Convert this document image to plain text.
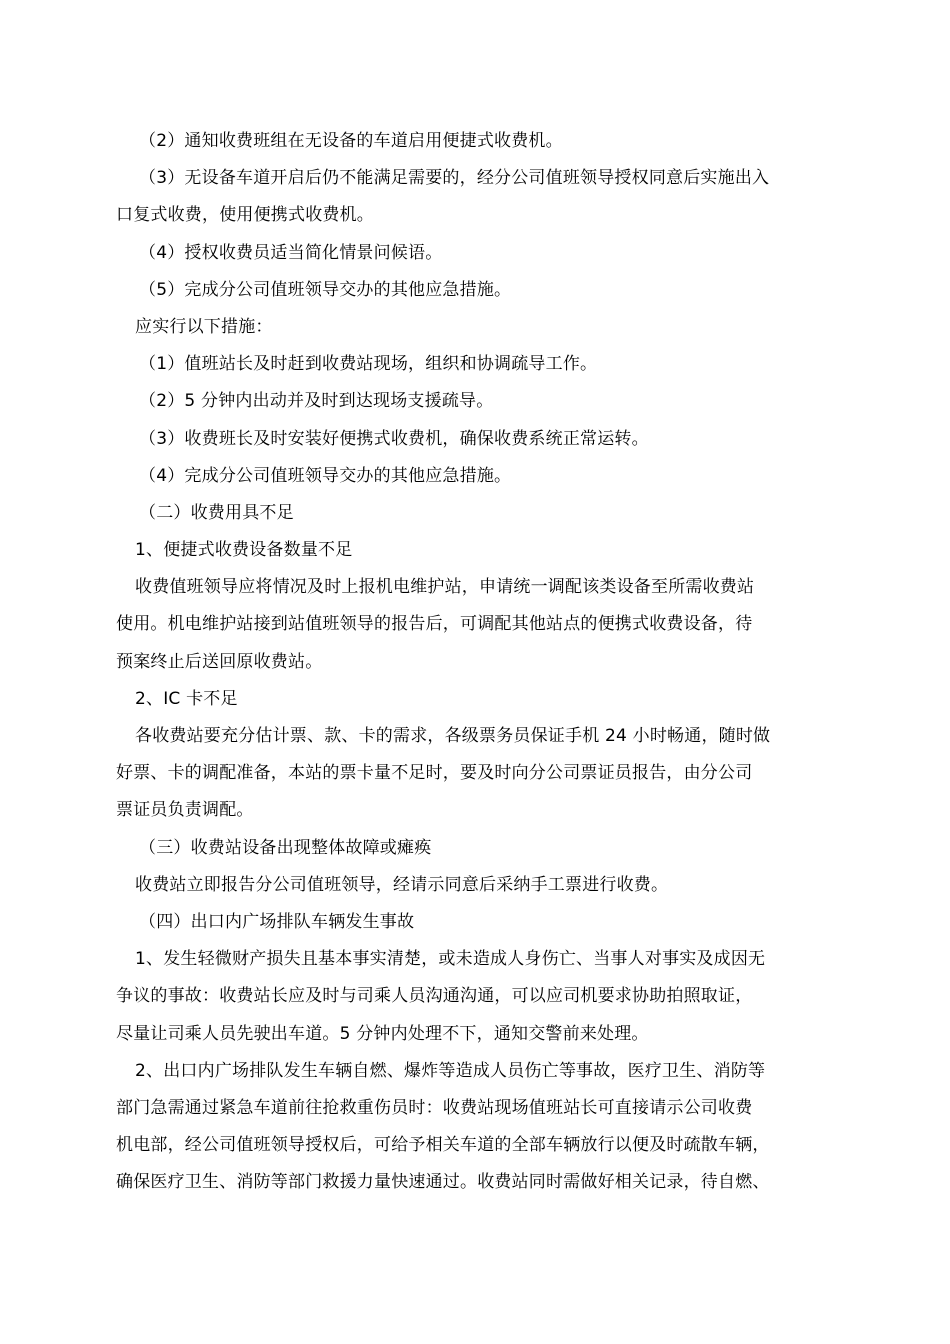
（2）通知收费班组在无设备的车道启用便捷式收费机。
（3）无设备车道开启后仍不能满足需要的，经分公司值班领导授权同意后实施出入
口复式收费，使用便携式收费机。
（4）授权收费员适当简化情景问候语。
（5）完成分公司值班领导交办的其他应急措施。
应实行以下措施：
（1）值班站长及时赶到收费站现场，组织和协调疏导工作。
（2）5 分钟内出动并及时到达现场支援疏导。
（3）收费班长及时安装好便携式收费机，确保收费系统正常运转。
（4）完成分公司值班领导交办的其他应急措施。
（二）收费用具不足
1、便捷式收费设备数量不足
收费值班领导应将情况及时上报机电维护站，申请统一调配该类设备至所需收费站
使用。机电维护站接到站值班领导的报告后，可调配其他站点的便携式收费设备，待
预案终止后送回原收费站。
2、IC 卡不足
各收费站要充分估计票、款、卡的需求，各级票务员保证手机 24 小时畅通，随时做
好票、卡的调配准备，本站的票卡量不足时，要及时向分公司票证员报告，由分公司
票证员负责调配。
（三）收费站设备出现整体故障或瘫痪
收费站立即报告分公司值班领导，经请示同意后采纳手工票进行收费。
（四）出口内广场排队车辆发生事故
1、发生轻微财产损失且基本事实清楚，或未造成人身伤亡、当事人对事实及成因无
争议的事故：收费站长应及时与司乘人员沟通沟通，可以应司机要求协助拍照取证，
尽量让司乘人员先驶出车道。5 分钟内处理不下，通知交警前来处理。
2、出口内广场排队发生车辆自燃、爆炸等造成人员伤亡等事故，医疗卫生、消防等
部门急需通过紧急车道前往抢救重伤员时：收费站现场值班站长可直接请示公司收费
机电部，经公司值班领导授权后，可给予相关车道的全部车辆放行以便及时疏散车辆，
确保医疗卫生、消防等部门救援力量快速通过。收费站同时需做好相关记录，待自燃、
